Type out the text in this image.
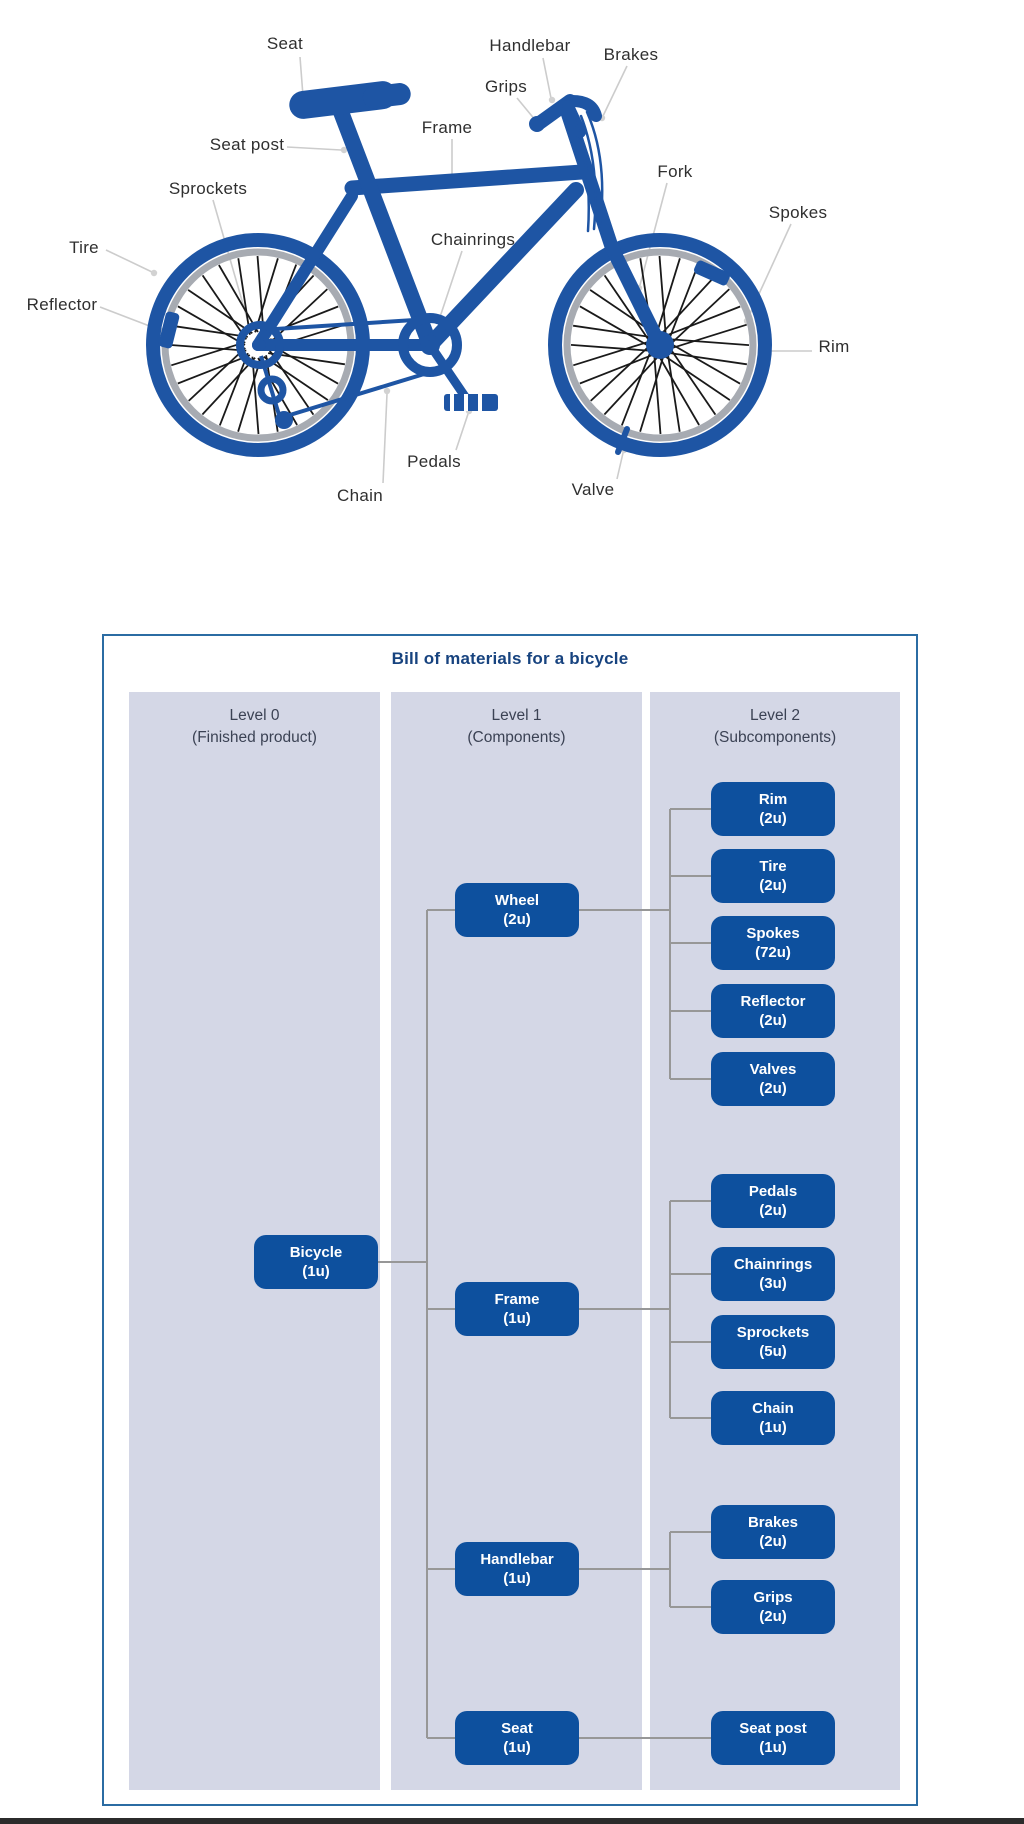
Seat	Handlebar Brakes
Grips
Frame
Seat post
Fork
Sprockets
Spokes
Tire	Chainrings
Reflector
Rim
Pedals
Chain	Valve
Bill of materials for a bicycle
Level 0
(Finished product)
Level 1
(Components)
Level 2
(Subcomponents)
Bicycle
(1u)
Wheel
(2u)
Frame
(1u)
Handlebar
(1u)
Seat
(1u)
Rim
(2u)
Tire
(2u)
Spokes
(72u)
Reflector
(2u)
Valves
(2u)
Pedals
(2u)
Chainrings
(3u)
Sprockets
(5u)
Chain
(1u)
Brakes
(2u)
Grips
(2u)
Seat post
(1u)
